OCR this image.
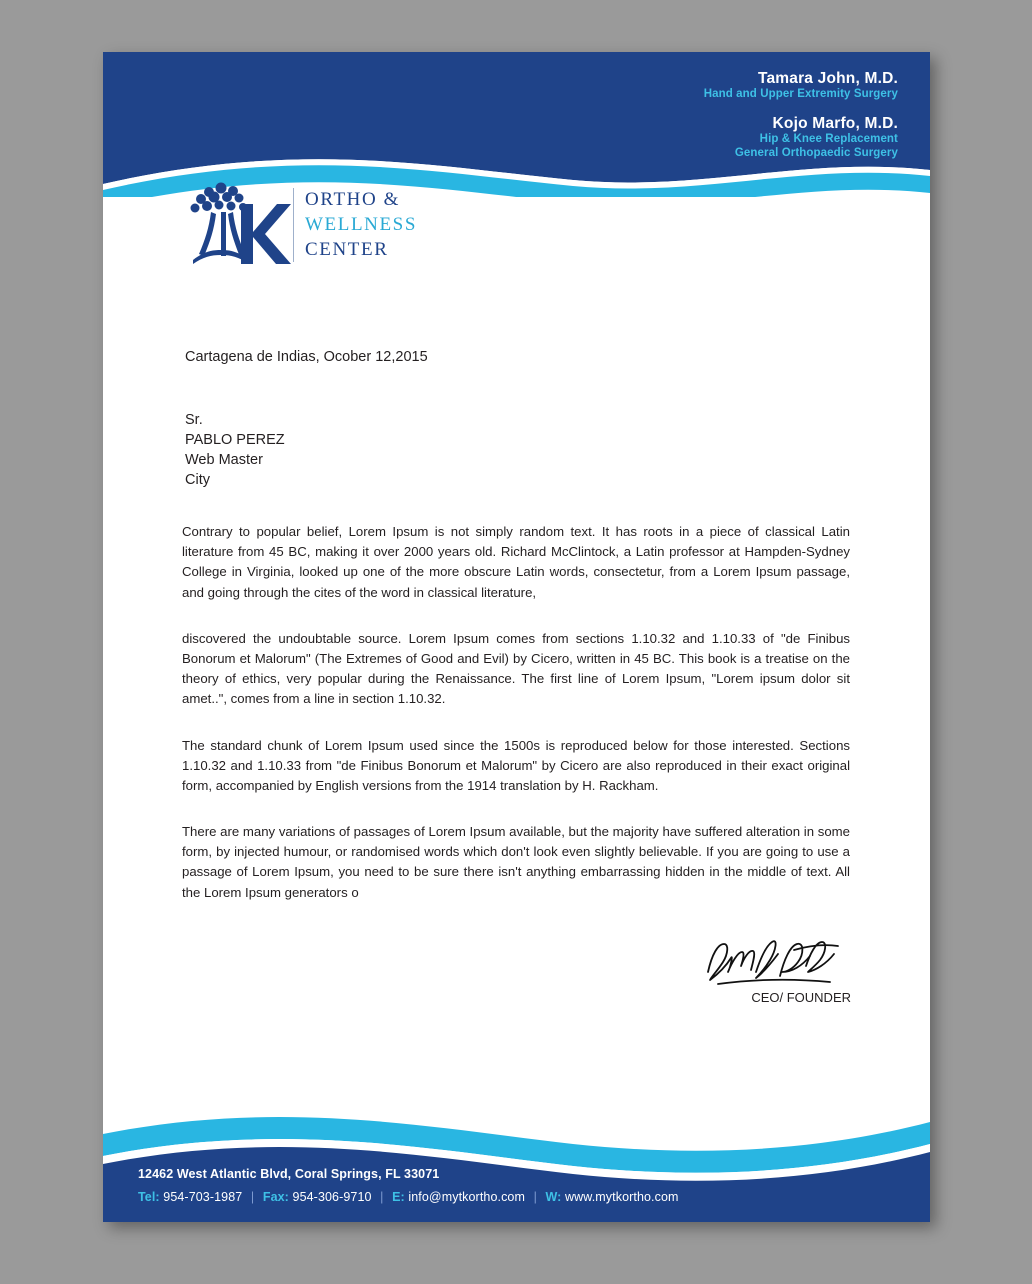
Tamara John, M.D.
Hand and Upper Extremity Surgery
Kojo Marfo, M.D.
Hip & Knee Replacement
General Orthopaedic Surgery
ORTHO &
WELLNESS
CENTER
Cartagena de Indias, Ocober 12,2015
Sr.
PABLO PEREZ
Web Master
City

Contrary to popular belief, Lorem Ipsum is not simply random text. It has roots in a piece of classical Latin literature from 45 BC, making it over 2000 years old. Richard McClintock, a Latin professor at Hampden-Sydney College in Virginia, looked up one of the more obscure Latin words, consectetur, from a Lorem Ipsum passage, and going through the cites of the word in classical literature,

discovered the undoubtable source. Lorem Ipsum comes from sections 1.10.32 and 1.10.33 of "de Finibus Bonorum et Malorum" (The Extremes of Good and Evil) by Cicero, written in 45 BC. This book is a treatise on the theory of ethics, very popular during the Renaissance. The first line of Lorem Ipsum, "Lorem ipsum dolor sit amet..", comes from a line in section 1.10.32.

The standard chunk of Lorem Ipsum used since the 1500s is reproduced below for those interested. Sections 1.10.32 and 1.10.33 from "de Finibus Bonorum et Malorum" by Cicero are also reproduced in their exact original form, accompanied by English versions from the 1914 translation by H. Rackham.

There are many variations of passages of Lorem Ipsum available, but the majority have suffered alteration in some form, by injected humour, or randomised words which don't look even slightly believable. If you are going to use a passage of Lorem Ipsum, you need to be sure there isn't anything embarrassing hidden in the middle of text. All the Lorem Ipsum generators o

CEO/ FOUNDER
12462 West Atlantic Blvd, Coral Springs, FL 33071
Tel: 954-703-1987 | Fax: 954-306-9710 | E: info@mytkortho.com | W: www.mytkortho.com
